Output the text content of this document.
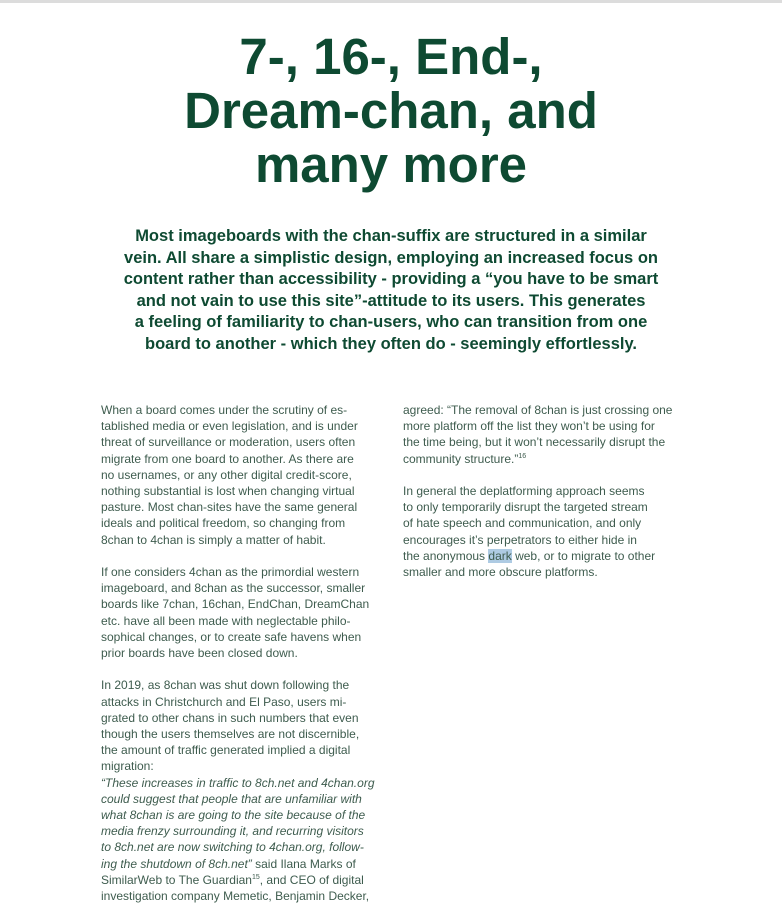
7-, 16-, End-,
Dream-chan, and
many more
Most imageboards with the chan-suffix are structured in a similar
vein. All share a simplistic design, employing an increased focus on
content rather than accessibility - providing a “you have to be smart
and not vain to use this site”-attitude to its users. This generates
a feeling of familiarity to chan-users, who can transition from one
board to another - which they often do - seemingly effortlessly.
When a board comes under the scrutiny of es-
tablished media or even legislation, and is under
threat of surveillance or moderation, users often
migrate from one board to another. As there are
no usernames, or any other digital credit-score,
nothing substantial is lost when changing virtual
pasture. Most chan-sites have the same general
ideals and political freedom, so changing from
8chan to 4chan is simply a matter of habit.
If one considers 4chan as the primordial western
imageboard, and 8chan as the successor, smaller
boards like 7chan, 16chan, EndChan, DreamChan
etc. have all been made with neglectable philo-
sophical changes, or to create safe havens when
prior boards have been closed down.
In 2019, as 8chan was shut down following the
attacks in Christchurch and El Paso, users mi-
grated to other chans in such numbers that even
though the users themselves are not discernible,
the amount of traffic generated implied a digital
migration:
“These increases in traffic to 8ch.net and 4chan.org
could suggest that people that are unfamiliar with
what 8chan is are going to the site because of the
media frenzy surrounding it, and recurring visitors
to 8ch.net are now switching to 4chan.org, follow-
ing the shutdown of 8ch.net” said Ilana Marks of
SimilarWeb to The Guardian$^{15}$, and CEO of digital
investigation company Memetic, Benjamin Decker,
agreed: “The removal of 8chan is just crossing one
more platform off the list they won’t be using for
the time being, but it won’t necessarily disrupt the
community structure.”$^{16}$
In general the deplatforming approach seems
to only temporarily disrupt the targeted stream
of hate speech and communication, and only
encourages it’s perpetrators to either hide in
the anonymous dark web, or to migrate to other
smaller and more obscure platforms.
